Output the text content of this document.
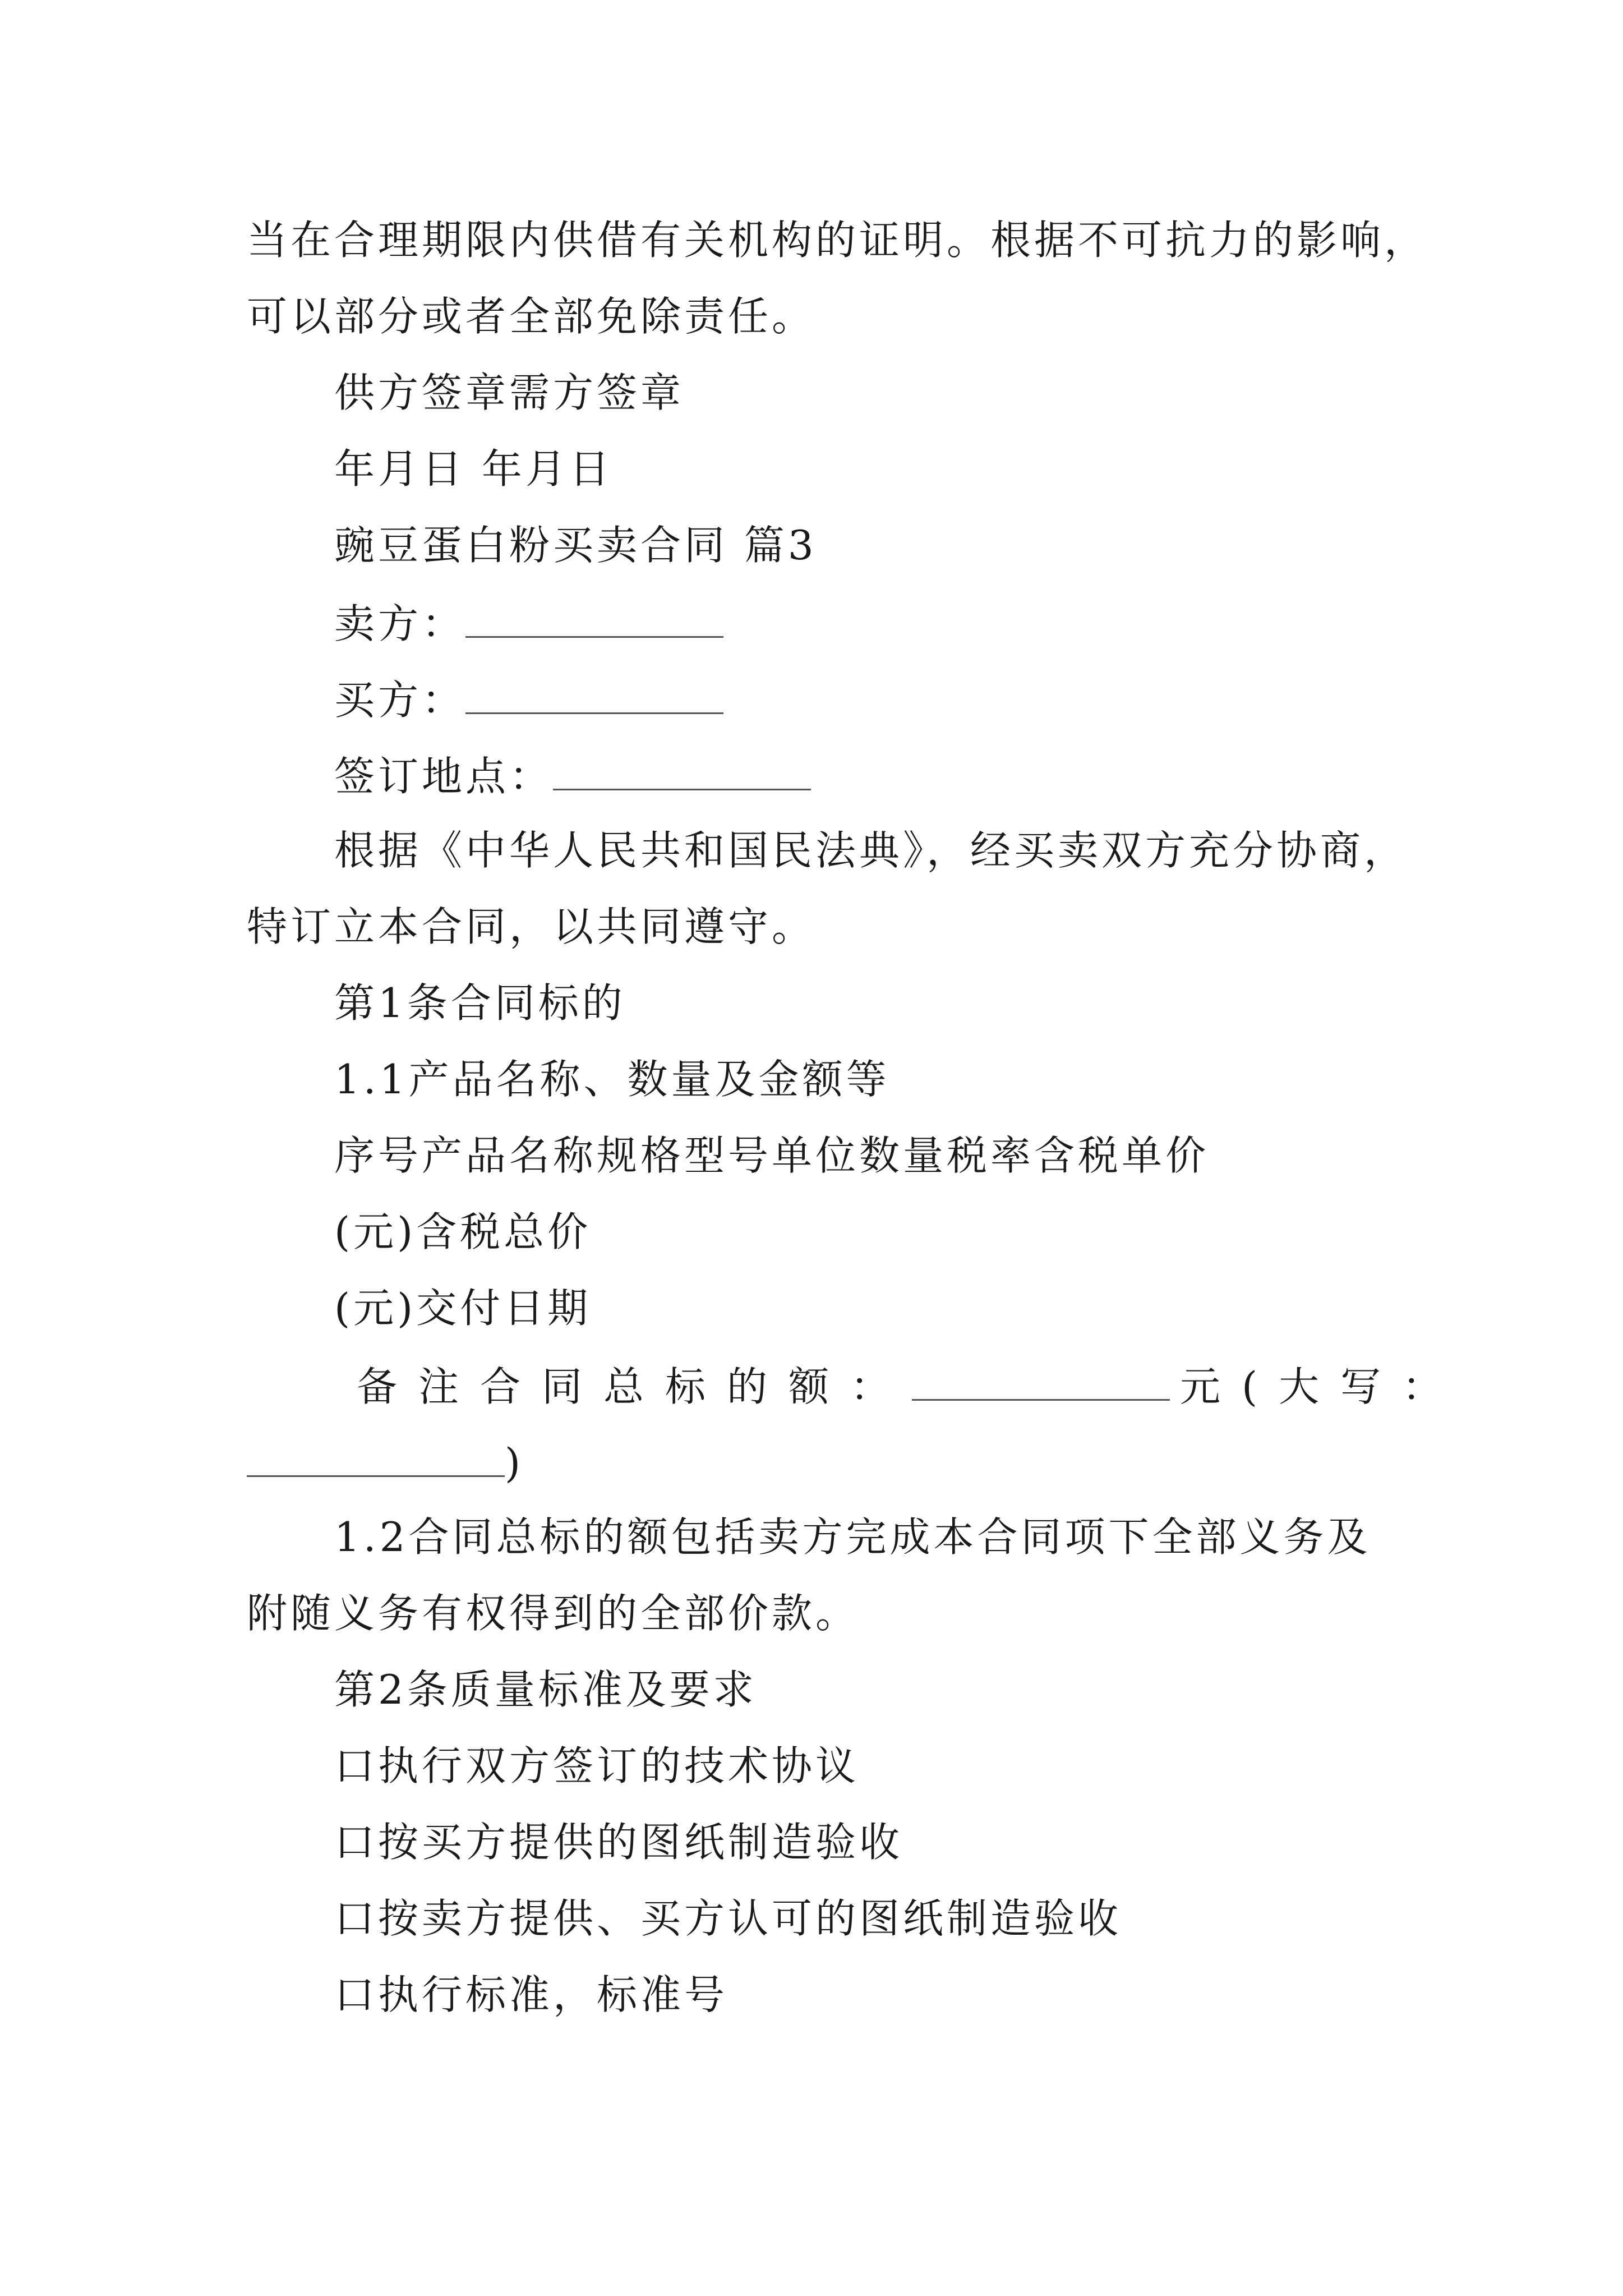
当在合理期限内供借有关机构的证明。根据不可抗力的影响，
可以部分或者全部免除责任。
供方签章需方签章
年月日 年月日
豌豆蛋白粉买卖合同 篇3
卖方：
买方：
签订地点：
根据《中华人民共和国民法典》，经买卖双方充分协商，
特订立本合同，以共同遵守。
第1条合同标的
1.1产品名称、数量及金额等
序号产品名称规格型号单位数量税率含税单价
(元)含税总价
(元)交付日期
备注合同总标的额：	元(大写：
)
1.2合同总标的额包括卖方完成本合同项下全部义务及
附随义务有权得到的全部价款。
第2条质量标准及要求
口执行双方签订的技术协议
口按买方提供的图纸制造验收
口按卖方提供、买方认可的图纸制造验收
口执行标准，标准号
